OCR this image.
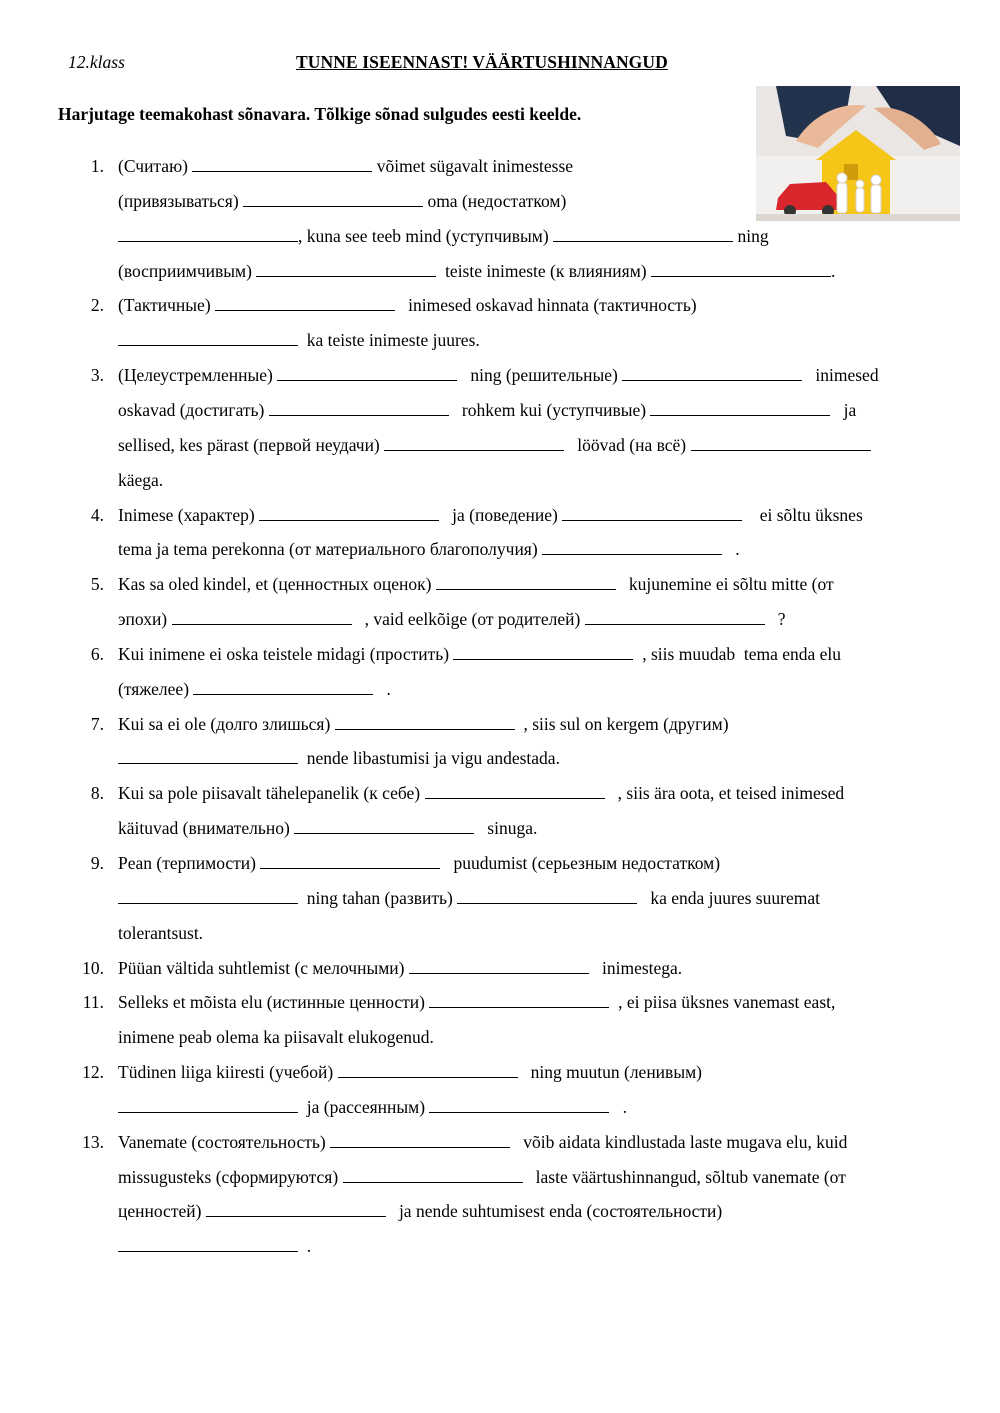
12.klass	TUNNE ISEENNAST! VÄÄRTUSHINNANGUD
Harjutage teemakohast sõnavara. Tõlkige sõnad sulgudes eesti keelde.
1. (Считаю)	võimet sügavalt inimestesse
(привязываться)	oma (недостатком)
, kuna see teeb mind (уступчивым)	ning
(восприимчивым)	teiste inimeste (к влияниям)	.
2. (Тактичные)	inimesed oskavad hinnata (тактичность)
ka teiste inimeste juures.
3. (Целеустремленные)	ning (решительные)	inimesed
oskavad (достигать)	rohkem kui (уступчивые)	ja
sellised, kes pärast (первой неудачи)	löövad (на всё)
käega.
4. Inimese (характер)	ja (поведение)	ei sõltu üksnes
tema ja tema perekonna (от материального благополучия)	.
5. Kas sa oled kindel, et (ценностных оценок)	kujunemine ei sõltu mitte (от
эпохи)	, vaid eelkõige (от родителей)	?
6. Kui inimene ei oska teistele midagi (простить)	, siis muudab  tema enda elu
(тяжелее)	.
7. Kui sa ei ole (долго злишься)	, siis sul on kergem (другим)
nende libastumisi ja vigu andestada.
8. Kui sa pole piisavalt tähelepanelik (к себе)	, siis ära oota, et teised inimesed
käituvad (внимательно)	sinuga.
9. Pean (терпимости)	puudumist (серьезным недостатком)
ning tahan (развить)	ka enda juures suuremat
tolerantsust.
10. Püüan vältida suhtlemist (с мелочными)	inimestega.
11. Selleks et mõista elu (истинные ценности)	, ei piisa üksnes vanemast east,
inimene peab olema ka piisavalt elukogenud.
12. Tüdinen liiga kiiresti (учебой)	ning muutun (ленивым)
ja (рассеянным)	.
13. Vanemate (состоятельность)	võib aidata kindlustada laste mugava elu, kuid
missugusteks (сформируются)	laste väärtushinnangud, sõltub vanemate (от
ценностей)	ja nende suhtumisest enda (состоятельности)
.
